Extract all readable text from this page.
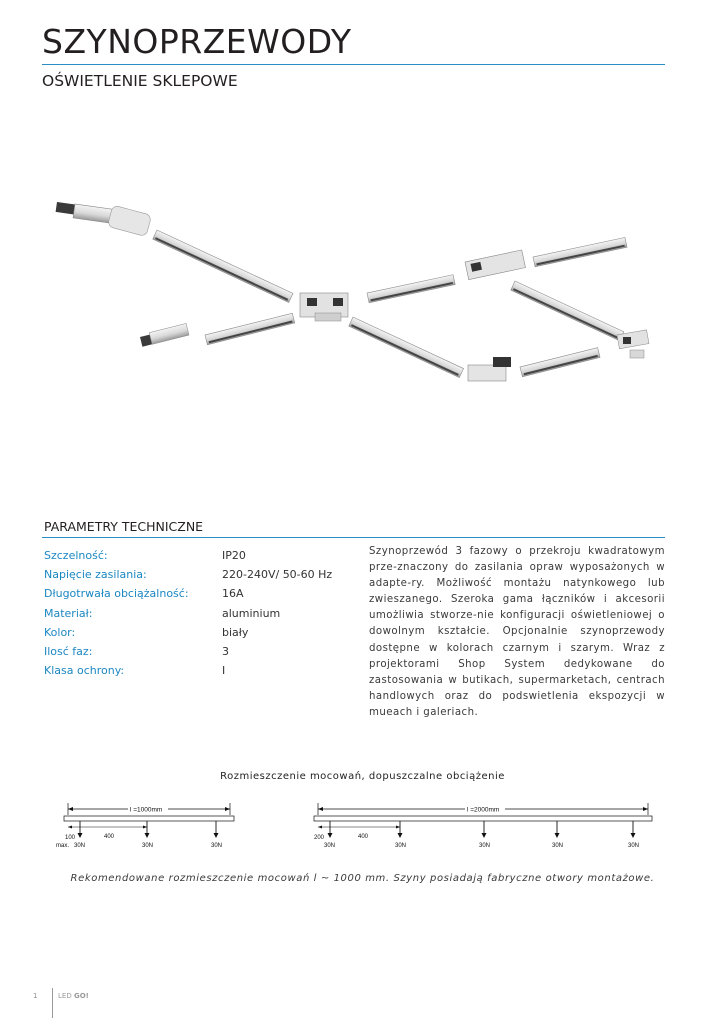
SZYNOPRZEWODY
OŚWIETLENIE SKLEPOWE
PARAMETRY TECHNICZNE
Szczelność:	IP20
Napięcie zasilania:	220-240V/ 50-60 Hz
Długotrwała obciążalność:	16A
Materiał:	aluminium
Kolor:	biały
Ilosć faz:	3
Klasa ochrony:	I

Szynoprzewód 3 fazowy o przekroju kwadratowym prze-znaczony do zasilania opraw wyposażonych w adapte-ry. Możliwość montażu natynkowego lub zwieszanego. Szeroka gama łączników i akcesorii umożliwia stworze-nie konfiguracji oświetleniowej o dowolnym kształcie. Opcjonalnie szynoprzewody dostępne w kolorach czarnym i szarym. Wraz z projektorami Shop System dedykowane do zastosowania w butikach, supermarketach, centrach handlowych oraz do podswietlenia ekspozycji w mueach i galeriach.

Rozmieszczenie mocowań, dopuszczalne obciążenie
l =1000mm
100
max.
400
30N	30N	30N
l =2000mm
200	400
30N	30N	30N	30N	30N
Rekomendowane rozmieszczenie mocowań l ~ 1000 mm. Szyny posiadają fabryczne otwory montażowe.
1	LED GO!
